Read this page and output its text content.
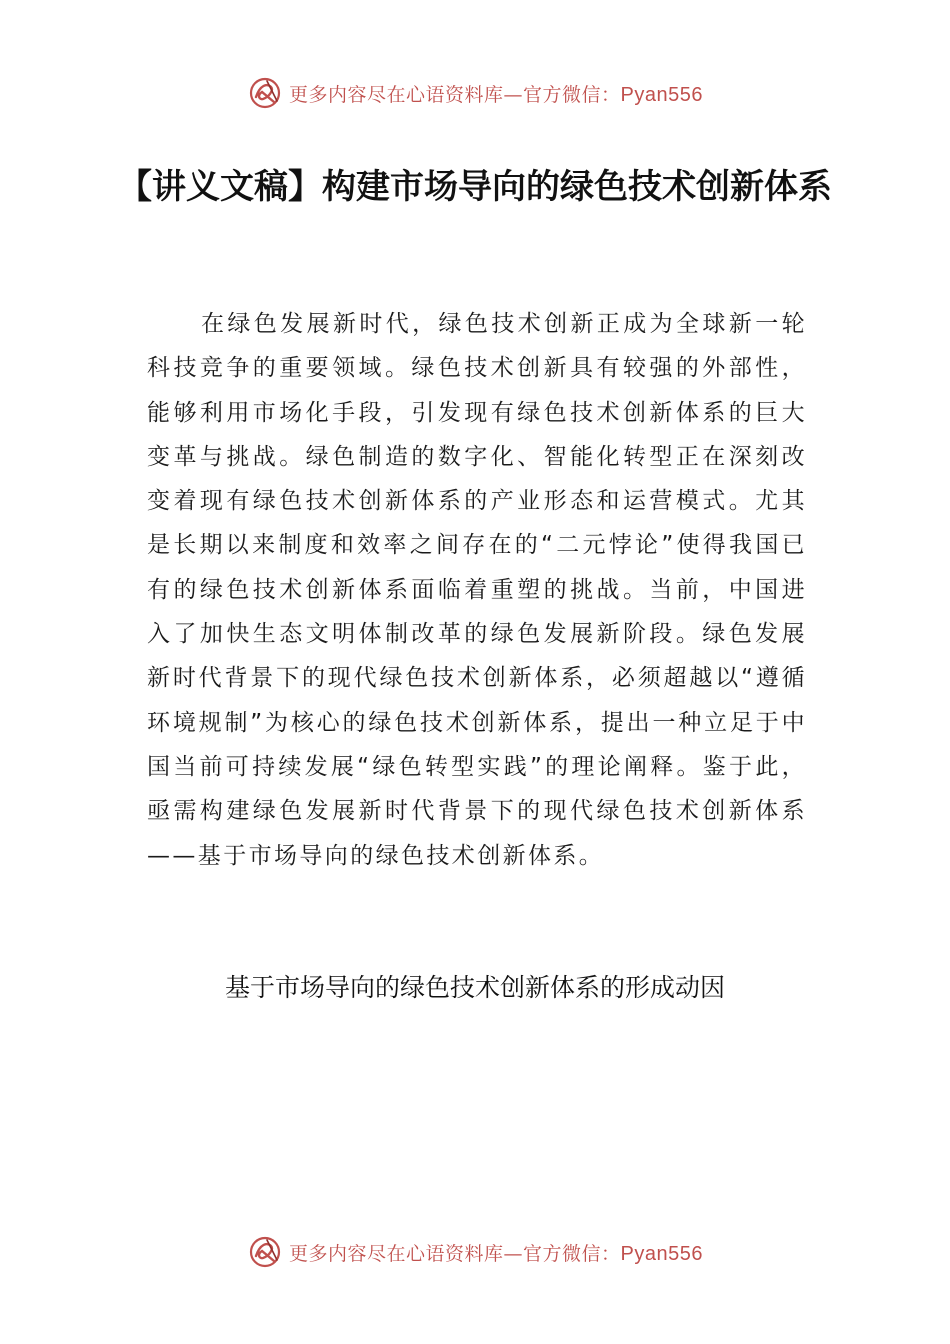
更多内容尽在心语资料库—官方微信：Pyan556
【讲义文稿】构建市场导向的绿色技术创新体系

在绿色发展新时代，绿色技术创新正成为全球新一轮科技竞争的重要领域。绿色技术创新具有较强的外部性，能够利用市场化手段，引发现有绿色技术创新体系的巨大变革与挑战。绿色制造的数字化、智能化转型正在深刻改变着现有绿色技术创新体系的产业形态和运营模式。尤其是长期以来制度和效率之间存在的“二元悖论”使得我国已有的绿色技术创新体系面临着重塑的挑战。当前，中国进入了加快生态文明体制改革的绿色发展新阶段。绿色发展新时代背景下的现代绿色技术创新体系，必须超越以“遵循环境规制”为核心的绿色技术创新体系，提出一种立足于中国当前可持续发展“绿色转型实践”的理论阐释。鉴于此，亟需构建绿色发展新时代背景下的现代绿色技术创新体系——基于市场导向的绿色技术创新体系。

基于市场导向的绿色技术创新体系的形成动因
更多内容尽在心语资料库—官方微信：Pyan556
